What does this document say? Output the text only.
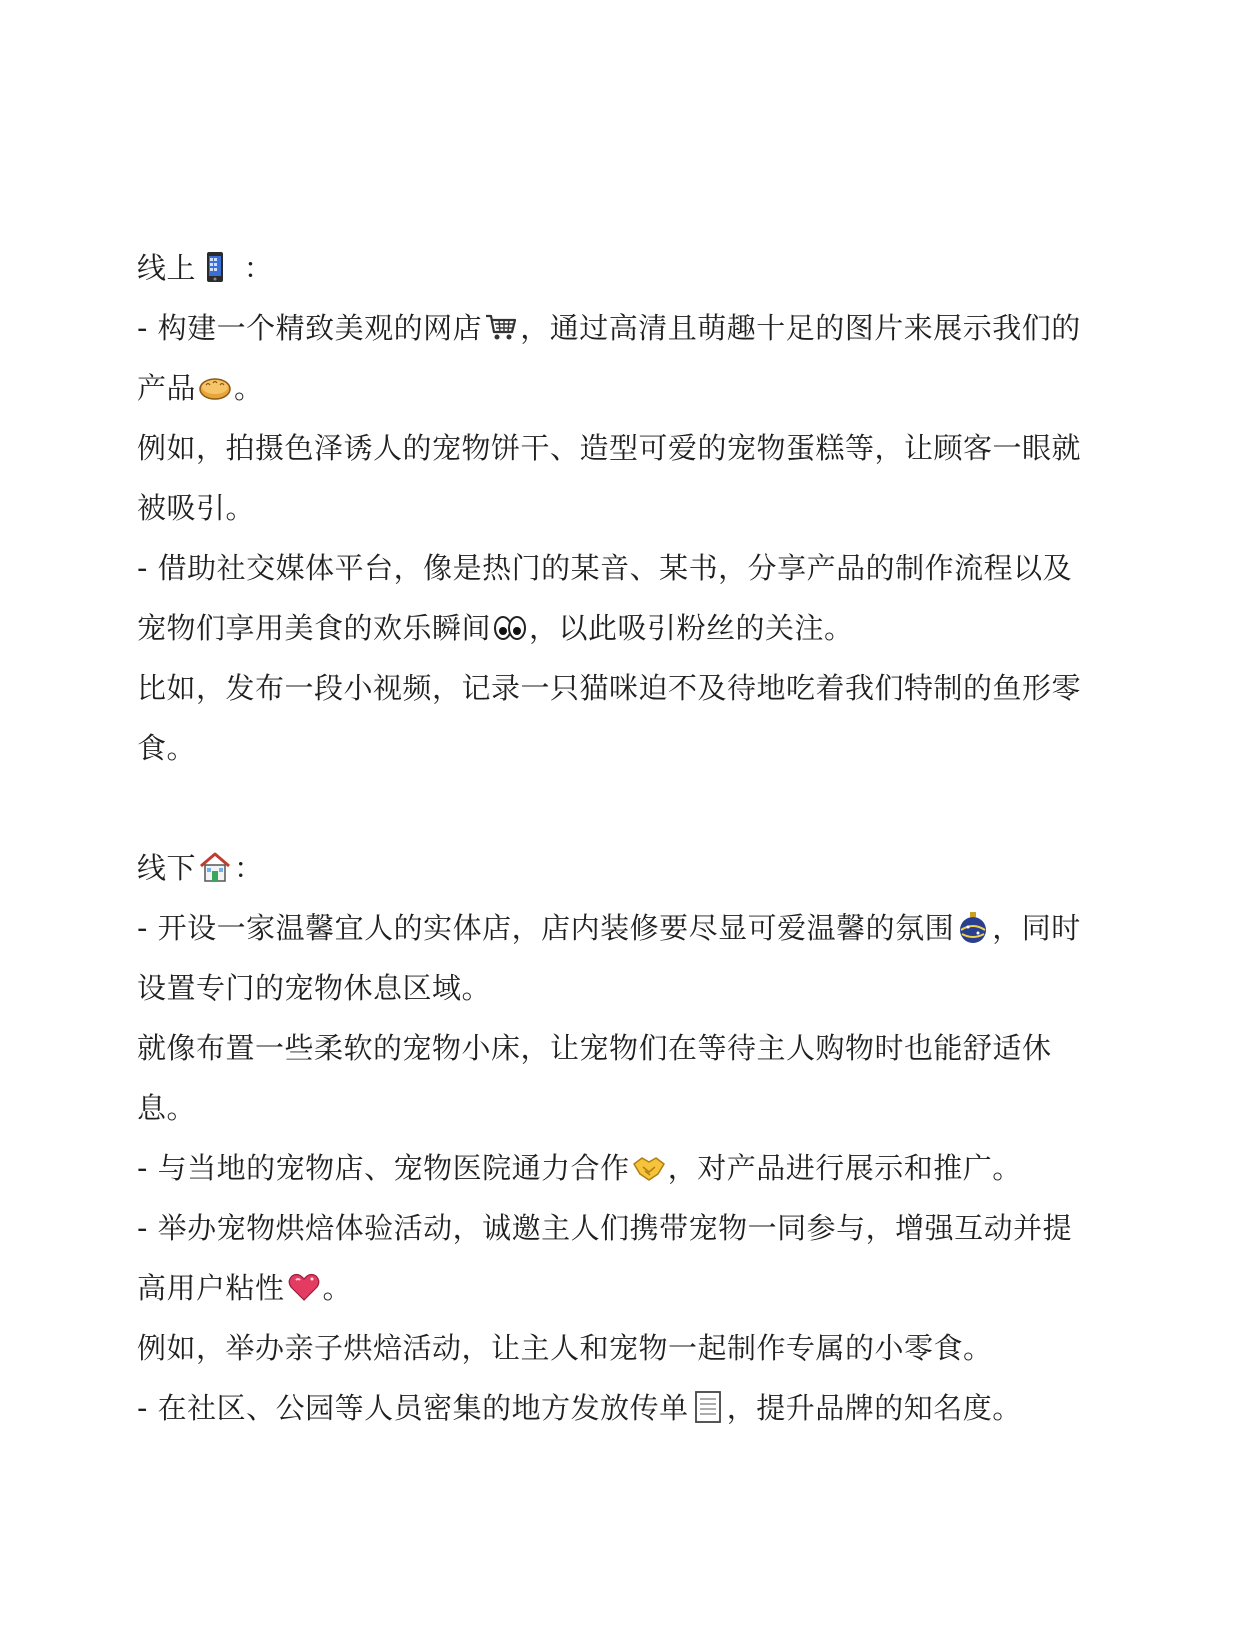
线上
：
- 构建一个精致美观的网店 ，通过高清且萌趣十足的图片来展示我们的
产品 。
例如，拍摄色泽诱人的宠物饼干、造型可爱的宠物蛋糕等，让顾客一眼就
被吸引。
- 借助社交媒体平台，像是热门的某音、某书，分享产品的制作流程以及
宠物们享用美食的欢乐瞬间 ，以此吸引粉丝的关注。
比如，发布一段小视频，记录一只猫咪迫不及待地吃着我们特制的鱼形零
食。
线下 ：
- 开设一家温馨宜人的实体店，店内装修要尽显可爱温馨的氛围 ，同时
设置专门的宠物休息区域。
就像布置一些柔软的宠物小床，让宠物们在等待主人购物时也能舒适休
息。
- 与当地的宠物店、宠物医院通力合作 ，对产品进行展示和推广。
- 举办宠物烘焙体验活动，诚邀主人们携带宠物一同参与，增强互动并提
高用户粘性 。
例如，举办亲子烘焙活动，让主人和宠物一起制作专属的小零食。
- 在社区、公园等人员密集的地方发放传单 ，提升品牌的知名度。
